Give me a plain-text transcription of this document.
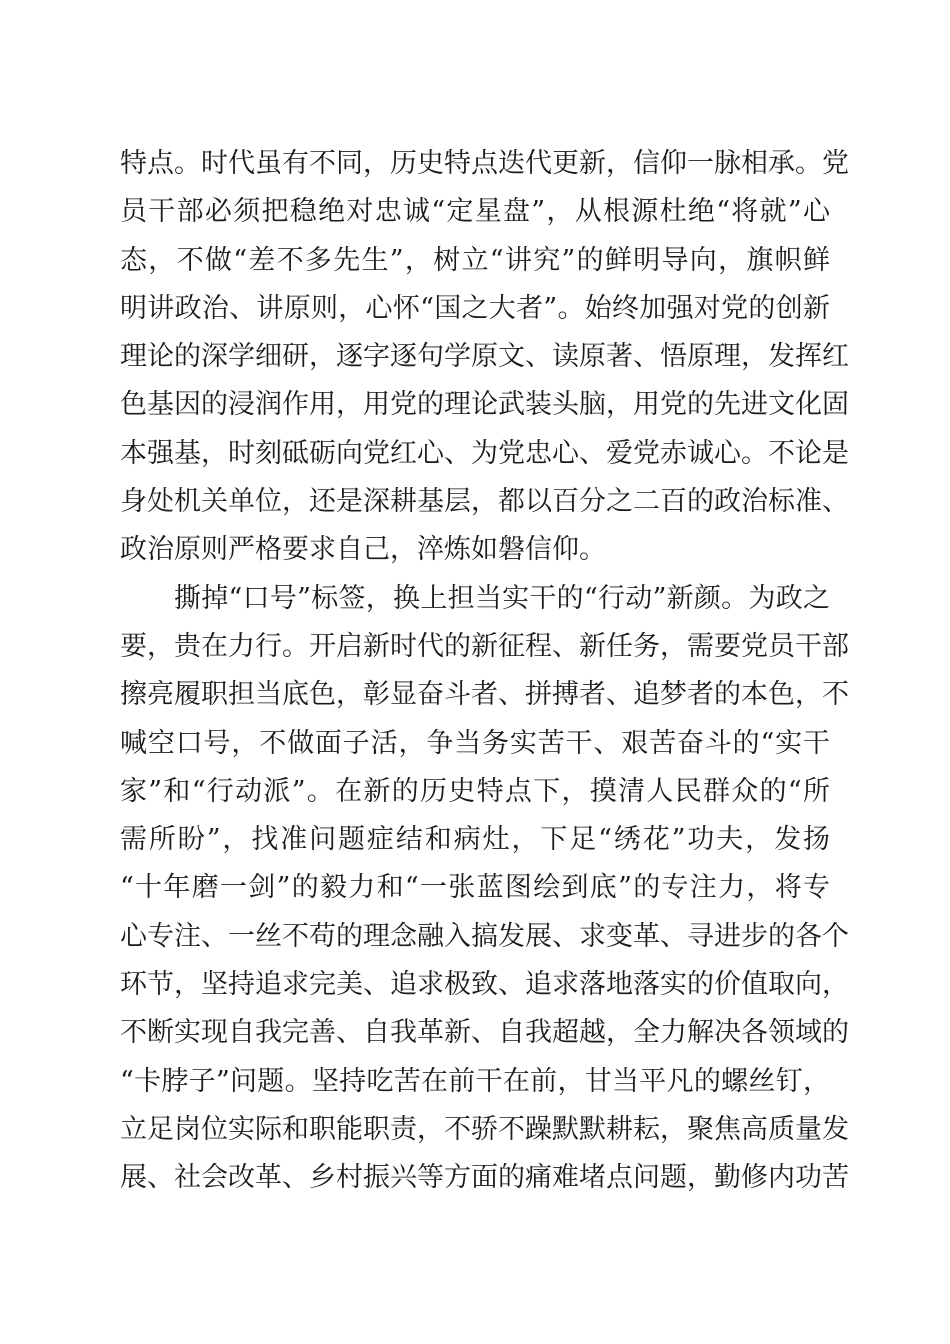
特点。时代虽有不同，历史特点迭代更新，信仰一脉相承。党
员干部必须把稳绝对忠诚“定星盘”，从根源杜绝“将就”心
态，不做“差不多先生”，树立“讲究”的鲜明导向，旗帜鲜
明讲政治、讲原则，心怀“国之大者”。始终加强对党的创新
理论的深学细研，逐字逐句学原文、读原著、悟原理，发挥红
色基因的浸润作用，用党的理论武装头脑，用党的先进文化固
本强基，时刻砥砺向党红心、为党忠心、爱党赤诚心。不论是
身处机关单位，还是深耕基层，都以百分之二百的政治标准、
政治原则严格要求自己，淬炼如磐信仰。
撕掉“口号”标签，换上担当实干的“行动”新颜。为政之
要，贵在力行。开启新时代的新征程、新任务，需要党员干部
擦亮履职担当底色，彰显奋斗者、拼搏者、追梦者的本色，不
喊空口号，不做面子活，争当务实苦干、艰苦奋斗的“实干
家”和“行动派”。在新的历史特点下，摸清人民群众的“所
需所盼”，找准问题症结和病灶，下足“绣花”功夫，发扬
“十年磨一剑”的毅力和“一张蓝图绘到底”的专注力，将专
心专注、一丝不苟的理念融入搞发展、求变革、寻进步的各个
环节，坚持追求完美、追求极致、追求落地落实的价值取向，
不断实现自我完善、自我革新、自我超越，全力解决各领域的
“卡脖子”问题。坚持吃苦在前干在前，甘当平凡的螺丝钉，
立足岗位实际和职能职责，不骄不躁默默耕耘，聚焦高质量发
展、社会改革、乡村振兴等方面的痛难堵点问题，勤修内功苦
